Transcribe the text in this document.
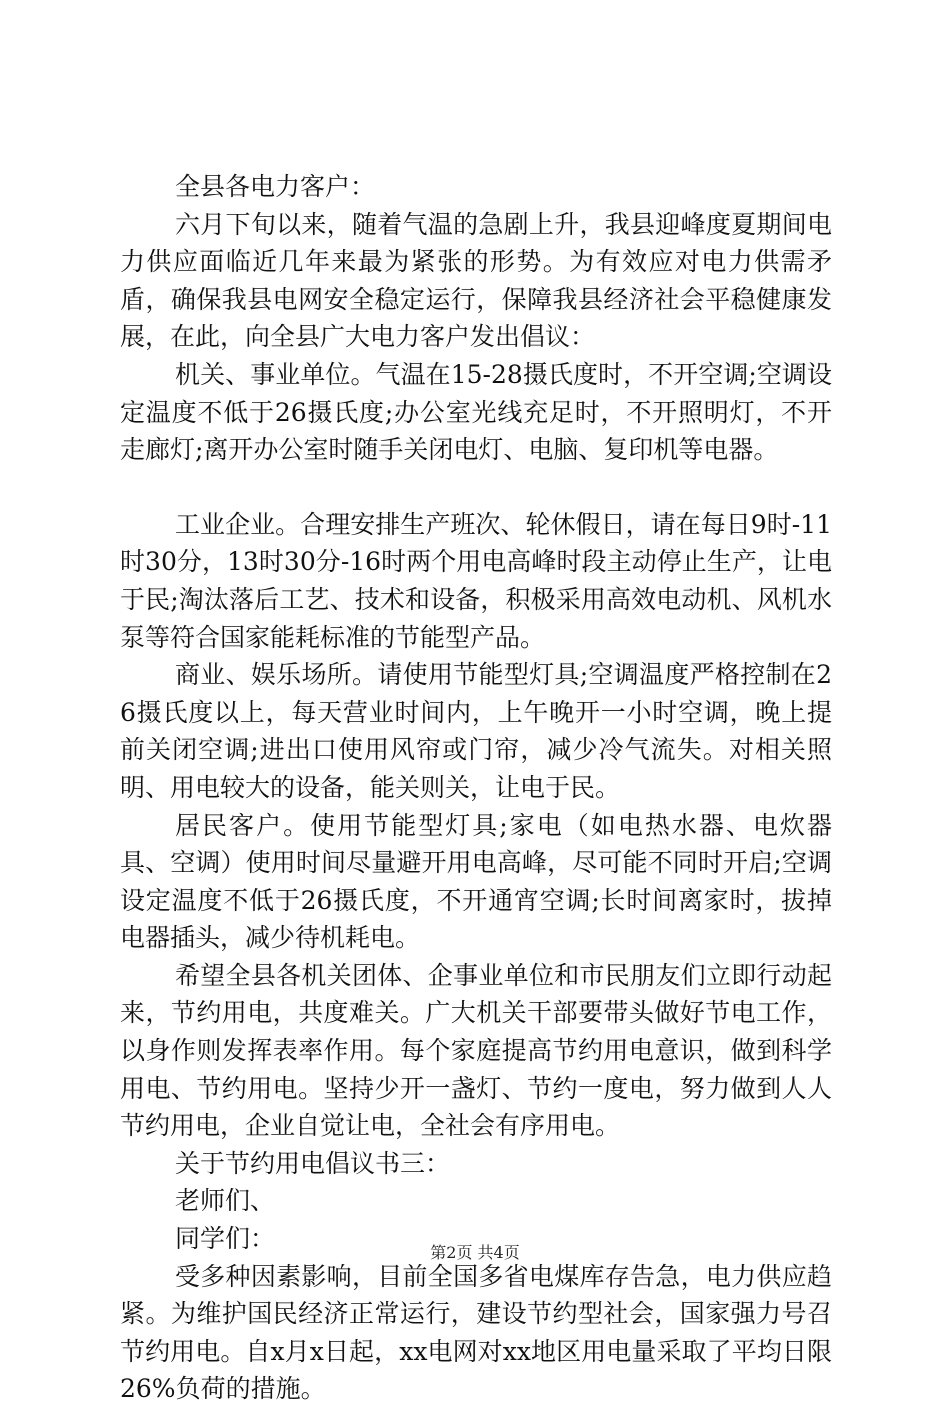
全县各电力客户：

六月下旬以来，随着气温的急剧上升，我县迎峰度夏期间电力供应面临近几年来最为紧张的形势。为有效应对电力供需矛盾，确保我县电网安全稳定运行，保障我县经济社会平稳健康发展，在此，向全县广大电力客户发出倡议：

机关、事业单位。气温在15-28摄氏度时，不开空调;空调设定温度不低于26摄氏度;办公室光线充足时，不开照明灯，不开走廊灯;离开办公室时随手关闭电灯、电脑、复印机等电器。

工业企业。合理安排生产班次、轮休假日，请在每日9时-11时30分，13时30分-16时两个用电高峰时段主动停止生产，让电于民;淘汰落后工艺、技术和设备，积极采用高效电动机、风机水泵等符合国家能耗标准的节能型产品。

商业、娱乐场所。请使用节能型灯具;空调温度严格控制在26摄氏度以上，每天营业时间内，上午晚开一小时空调，晚上提前关闭空调;进出口使用风帘或门帘，减少冷气流失。对相关照明、用电较大的设备，能关则关，让电于民。

居民客户。使用节能型灯具;家电（如电热水器、电炊器具、空调）使用时间尽量避开用电高峰，尽可能不同时开启;空调设定温度不低于26摄氏度，不开通宵空调;长时间离家时，拔掉电器插头，减少待机耗电。

希望全县各机关团体、企事业单位和市民朋友们立即行动起来，节约用电，共度难关。广大机关干部要带头做好节电工作，以身作则发挥表率作用。每个家庭提高节约用电意识，做到科学用电、节约用电。坚持少开一盏灯、节约一度电，努力做到人人节约用电，企业自觉让电，全社会有序用电。

关于节约用电倡议书三：

老师们、

同学们：

受多种因素影响，目前全国多省电煤库存告急，电力供应趋紧。为维护国民经济正常运行，建设节约型社会，国家强力号召节约用电。自x月x日起，xx电网对xx地区用电量采取了平均日限26%负荷的措施。

第2页 共4页
